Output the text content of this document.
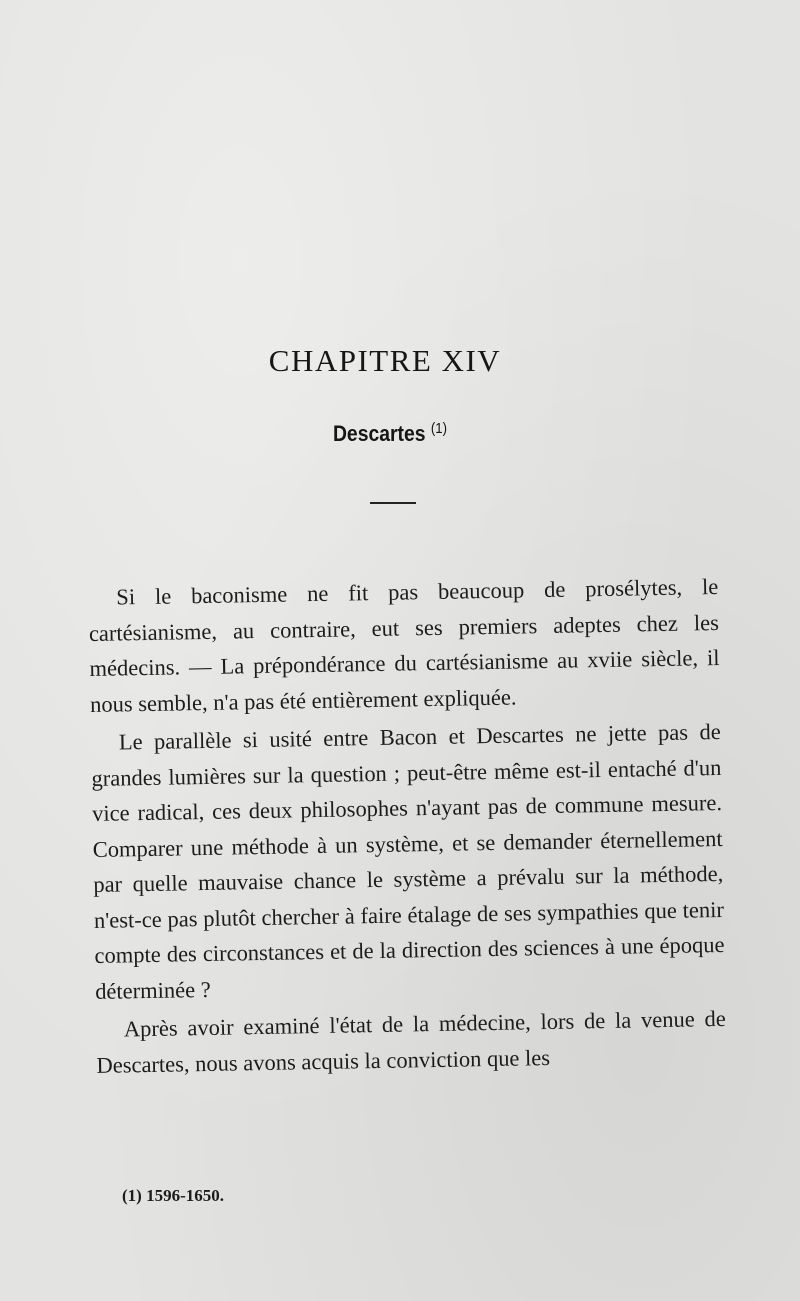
CHAPITRE XIV
Descartes $^{(1)}$

Si le baconisme ne fit pas beaucoup de prosélytes, le cartésianisme, au contraire, eut ses premiers adeptes chez les médecins. — La prépondérance du cartésianisme au xviie siècle, il nous semble, n'a pas été entièrement expliquée.

Le parallèle si usité entre Bacon et Descartes ne jette pas de grandes lumières sur la question ; peut-être même est-il entaché d'un vice radical, ces deux philosophes n'ayant pas de commune mesure. Comparer une méthode à un système, et se demander éternellement par quelle mauvaise chance le système a prévalu sur la méthode, n'est-ce pas plutôt chercher à faire étalage de ses sympathies que tenir compte des circonstances et de la direction des sciences à une époque déterminée ?

Après avoir examiné l'état de la médecine, lors de la venue de Descartes, nous avons acquis la conviction que les

(1) 1596-1650.
